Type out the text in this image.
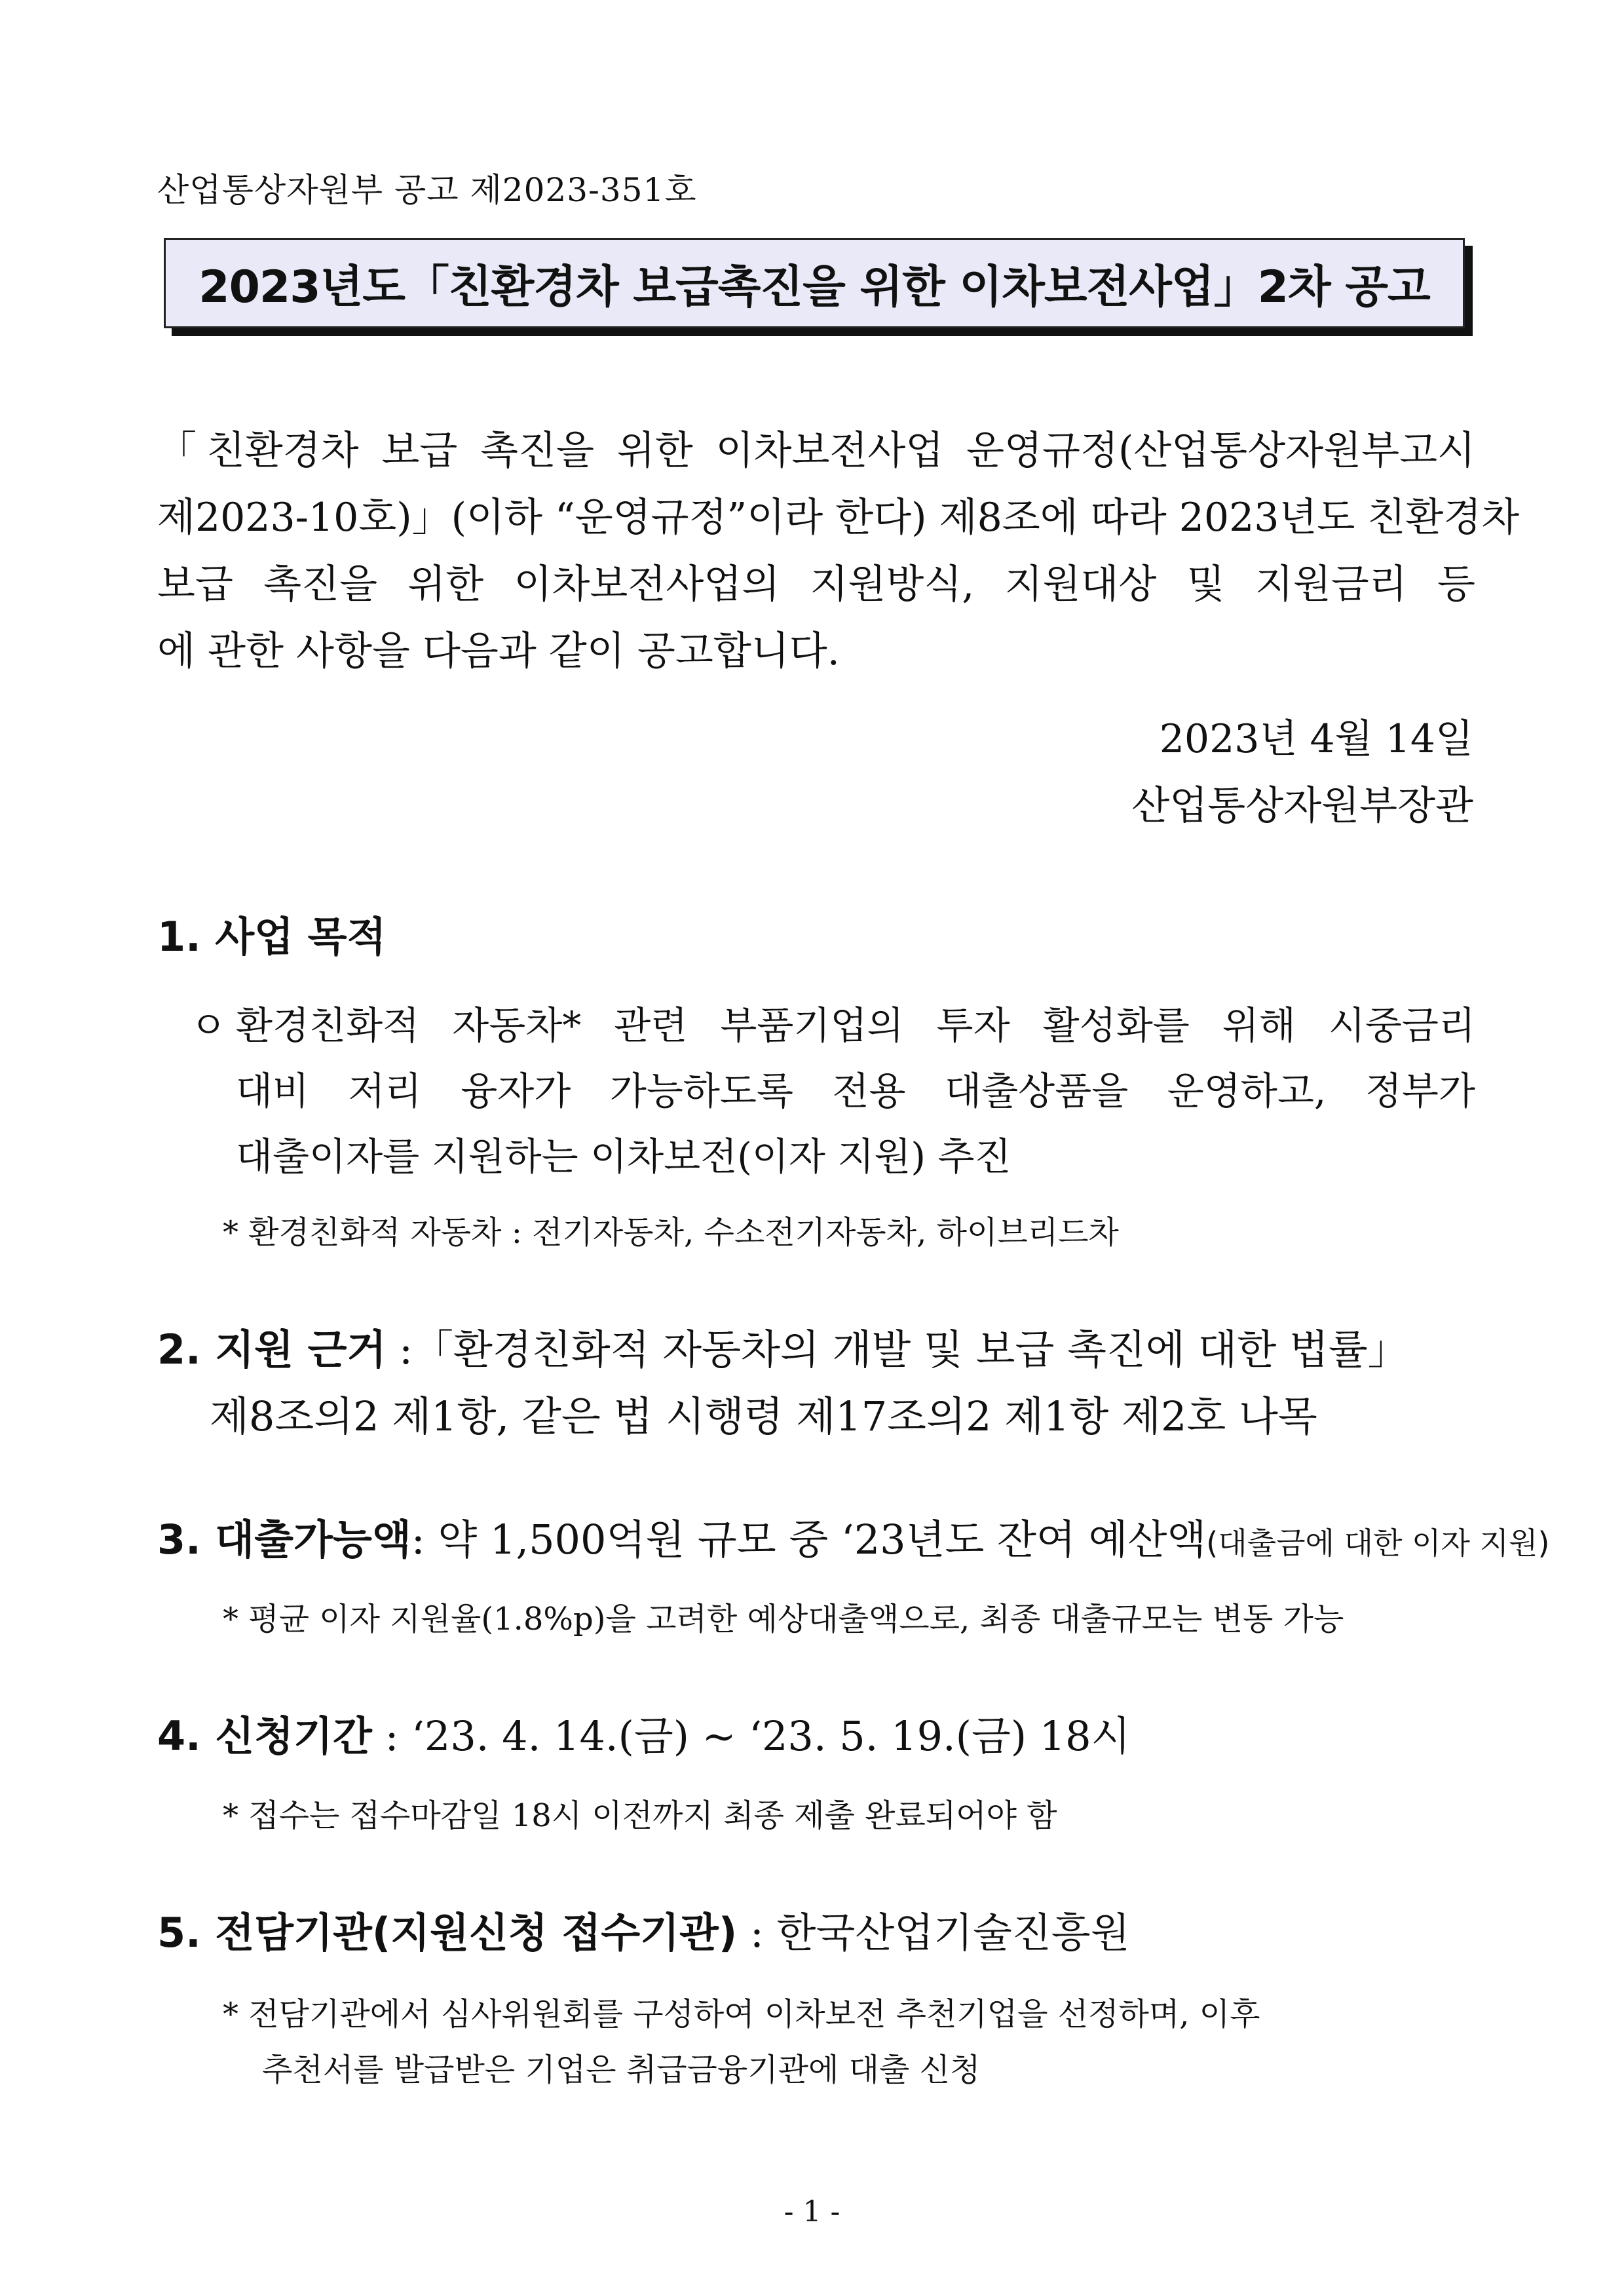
산업통상자원부 공고 제2023-351호
2023년도「친환경차 보급촉진을 위한 이차보전사업」2차 공고
「친환경차 보급 촉진을 위한 이차보전사업 운영규정(산업통상자원부고시
제2023-10호)」(이하 “운영규정”이라 한다) 제8조에 따라 2023년도 친환경차
보급 촉진을 위한 이차보전사업의 지원방식, 지원대상 및 지원금리 등
에 관한 사항을 다음과 같이 공고합니다.
2023년 4월 14일
산업통상자원부장관
1. 사업 목적
ㅇ 환경친화적 자동차* 관련 부품기업의 투자 활성화를 위해 시중금리
대비 저리 융자가 가능하도록 전용 대출상품을 운영하고, 정부가
대출이자를 지원하는 이차보전(이자 지원) 추진
* 환경친화적 자동차 : 전기자동차, 수소전기자동차, 하이브리드차
2. 지원 근거 :「환경친화적 자동차의 개발 및 보급 촉진에 대한 법률」
제8조의2 제1항, 같은 법 시행령 제17조의2 제1항 제2호 나목
3. 대출가능액: 약 1,500억원 규모 중 ‘23년도 잔여 예산액(대출금에 대한 이자 지원)
* 평균 이자 지원율(1.8%p)을 고려한 예상대출액으로, 최종 대출규모는 변동 가능
4. 신청기간 : ‘23. 4. 14.(금) ~ ‘23. 5. 19.(금) 18시
* 접수는 접수마감일 18시 이전까지 최종 제출 완료되어야 함
5. 전담기관(지원신청 접수기관) : 한국산업기술진흥원
* 전담기관에서 심사위원회를 구성하여 이차보전 추천기업을 선정하며, 이후
추천서를 발급받은 기업은 취급금융기관에 대출 신청
- 1 -
